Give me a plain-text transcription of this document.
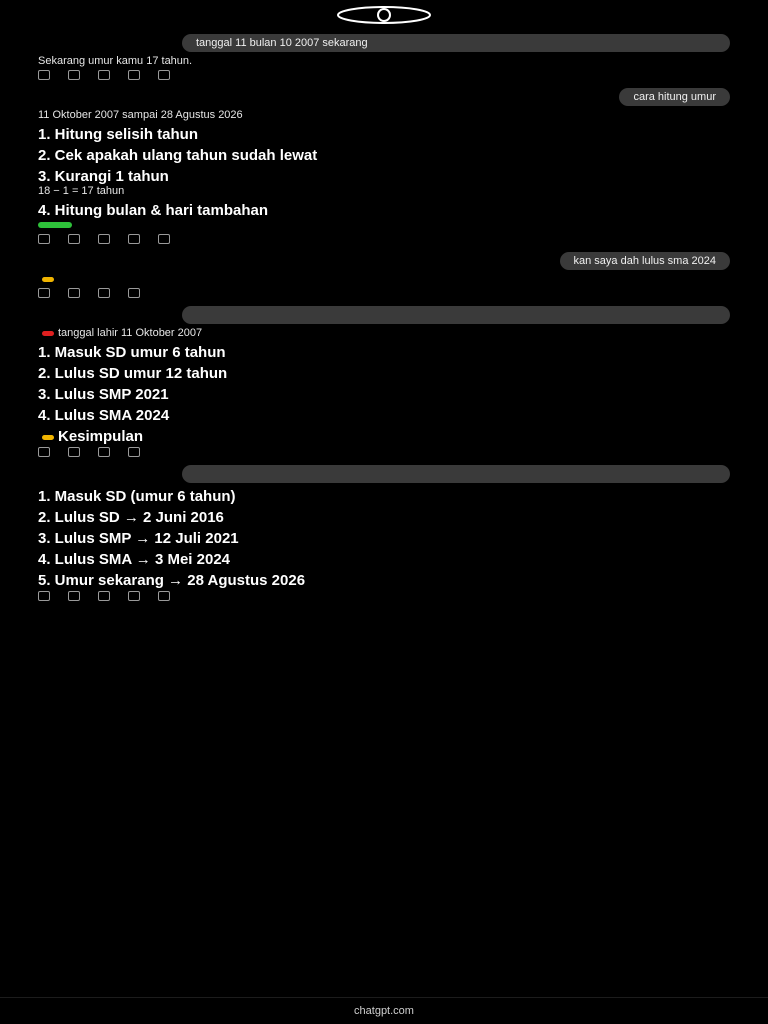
tanggal 11 bulan 10 2007 sekarang

Sekarang umur kamu 17 tahun.

cara hitung umur

11 Oktober 2007 sampai 28 Agustus 2026

1. Hitung selisih tahun
2. Cek apakah ulang tahun sudah lewat
3. Kurangi 1 tahun

18 − 1 = 17 tahun

4. Hitung bulan & hari tambahan

kan saya dah lulus sma 2024

tanggal lahir 11 Oktober 2007

1. Masuk SD umur 6 tahun
2. Lulus SD umur 12 tahun
3. Lulus SMP 2021
4. Lulus SMA 2024
Kesimpulan

1. Masuk SD (umur 6 tahun)
2. Lulus SD → 2 Juni 2016
3. Lulus SMP → 12 Juli 2021
4. Lulus SMA → 3 Mei 2024
5. Umur sekarang → 28 Agustus 2026
chatgpt.com
